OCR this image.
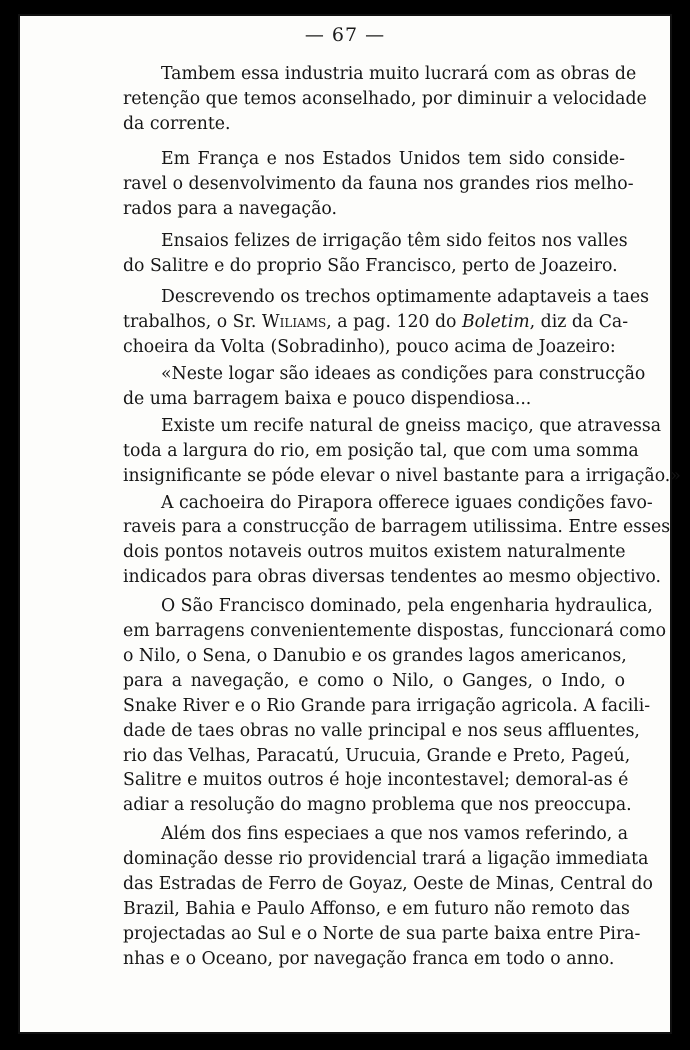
— 67 —
Tambem essa industria muito lucrará com as obras de
retenção que temos aconselhado, por diminuir a velocidade
da corrente.
Em França e nos Estados Unidos tem sido conside-
ravel o desenvolvimento da fauna nos grandes rios melho-
rados para a navegação.
Ensaios felizes de irrigação têm sido feitos nos valles
do Salitre e do proprio São Francisco, perto de Joazeiro.
Descrevendo os trechos optimamente adaptaveis a taes
trabalhos, o Sr. Wiliams, a pag. 120 do Boletim, diz da Ca-
choeira da Volta (Sobradinho), pouco acima de Joazeiro:
«Neste logar são ideaes as condições para construcção
de uma barragem baixa e pouco dispendiosa...
Existe um recife natural de gneiss maciço, que atravessa
toda a largura do rio, em posição tal, que com uma somma
insignificante se póde elevar o nivel bastante para a irrigação.»
A cachoeira do Pirapora offerece iguaes condições favo-
raveis para a construcção de barragem utilissima. Entre esses
dois pontos notaveis outros muitos existem naturalmente
indicados para obras diversas tendentes ao mesmo objectivo.
O São Francisco dominado, pela engenharia hydraulica,
em barragens convenientemente dispostas, funccionará como
o Nilo, o Sena, o Danubio e os grandes lagos americanos,
para a navegação, e como o Nilo, o Ganges, o Indo, o
Snake River e o Rio Grande para irrigação agricola. A facili-
dade de taes obras no valle principal e nos seus affluentes,
rio das Velhas, Paracatú, Urucuia, Grande e Preto, Pageú,
Salitre e muitos outros é hoje incontestavel; demoral-as é
adiar a resolução do magno problema que nos preoccupa.
Além dos fins especiaes a que nos vamos referindo, a
dominação desse rio providencial trará a ligação immediata
das Estradas de Ferro de Goyaz, Oeste de Minas, Central do
Brazil, Bahia e Paulo Affonso, e em futuro não remoto das
projectadas ao Sul e o Norte de sua parte baixa entre Pira-
nhas e o Oceano, por navegação franca em todo o anno.
